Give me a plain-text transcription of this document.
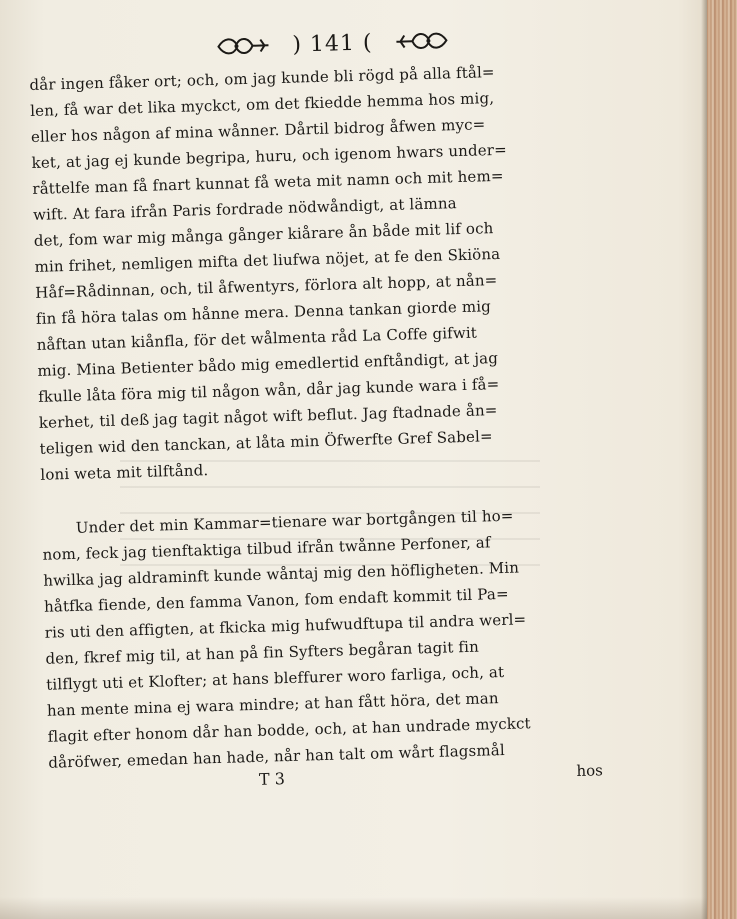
) 141 (
dår ingen fåker ort; och, om jag kunde bli rögd på alla ftål=
len, få war det lika myckct, om det fkiedde hemma hos mig,
eller hos någon af mina wånner. Dårtil bidrog åfwen myc=
ket, at jag ej kunde begripa, huru, och igenom hwars under=
råttelfe man få fnart kunnat få weta mit namn och mit hem=
wift. At fara ifrån Paris fordrade nödwåndigt, at lämna
det, fom war mig många gånger kiårare ån både mit lif och
min frihet, nemligen mifta det liufwa nöjet, at fe den Skiöna
Håf=Rådinnan, och, til åfwentyrs, förlora alt hopp, at nån=
fin få höra talas om hånne mera. Denna tankan giorde mig
nåftan utan kiånfla, för det wålmenta råd La Coffe gifwit
mig. Mina Betienter bådo mig emedlertid enftåndigt, at jag
fkulle låta föra mig til någon wån, dår jag kunde wara i få=
kerhet, til deß jag tagit något wift beflut. Jag ftadnade ån=
teligen wid den tanckan, at låta min Öfwerfte Gref Sabel=
loni weta mit tilftånd.
Under det min Kammar=tienare war bortgången til ho=
nom, feck jag tienftaktiga tilbud ifrån twånne Perfoner, af
hwilka jag aldraminft kunde wåntaj mig den höfligheten. Min
håtfka fiende, den famma Vanon, fom endaft kommit til Pa=
ris uti den affigten, at fkicka mig hufwudftupa til andra werl=
den, fkref mig til, at han på fin Syfters begåran tagit fin
tilflygt uti et Klofter; at hans bleffurer woro farliga, och, at
han mente mina ej wara mindre; at han fått höra, det man
flagit efter honom dår han bodde, och, at han undrade myckct
dåröfwer, emedan han hade, når han talt om wårt flagsmål
T 3	hos
